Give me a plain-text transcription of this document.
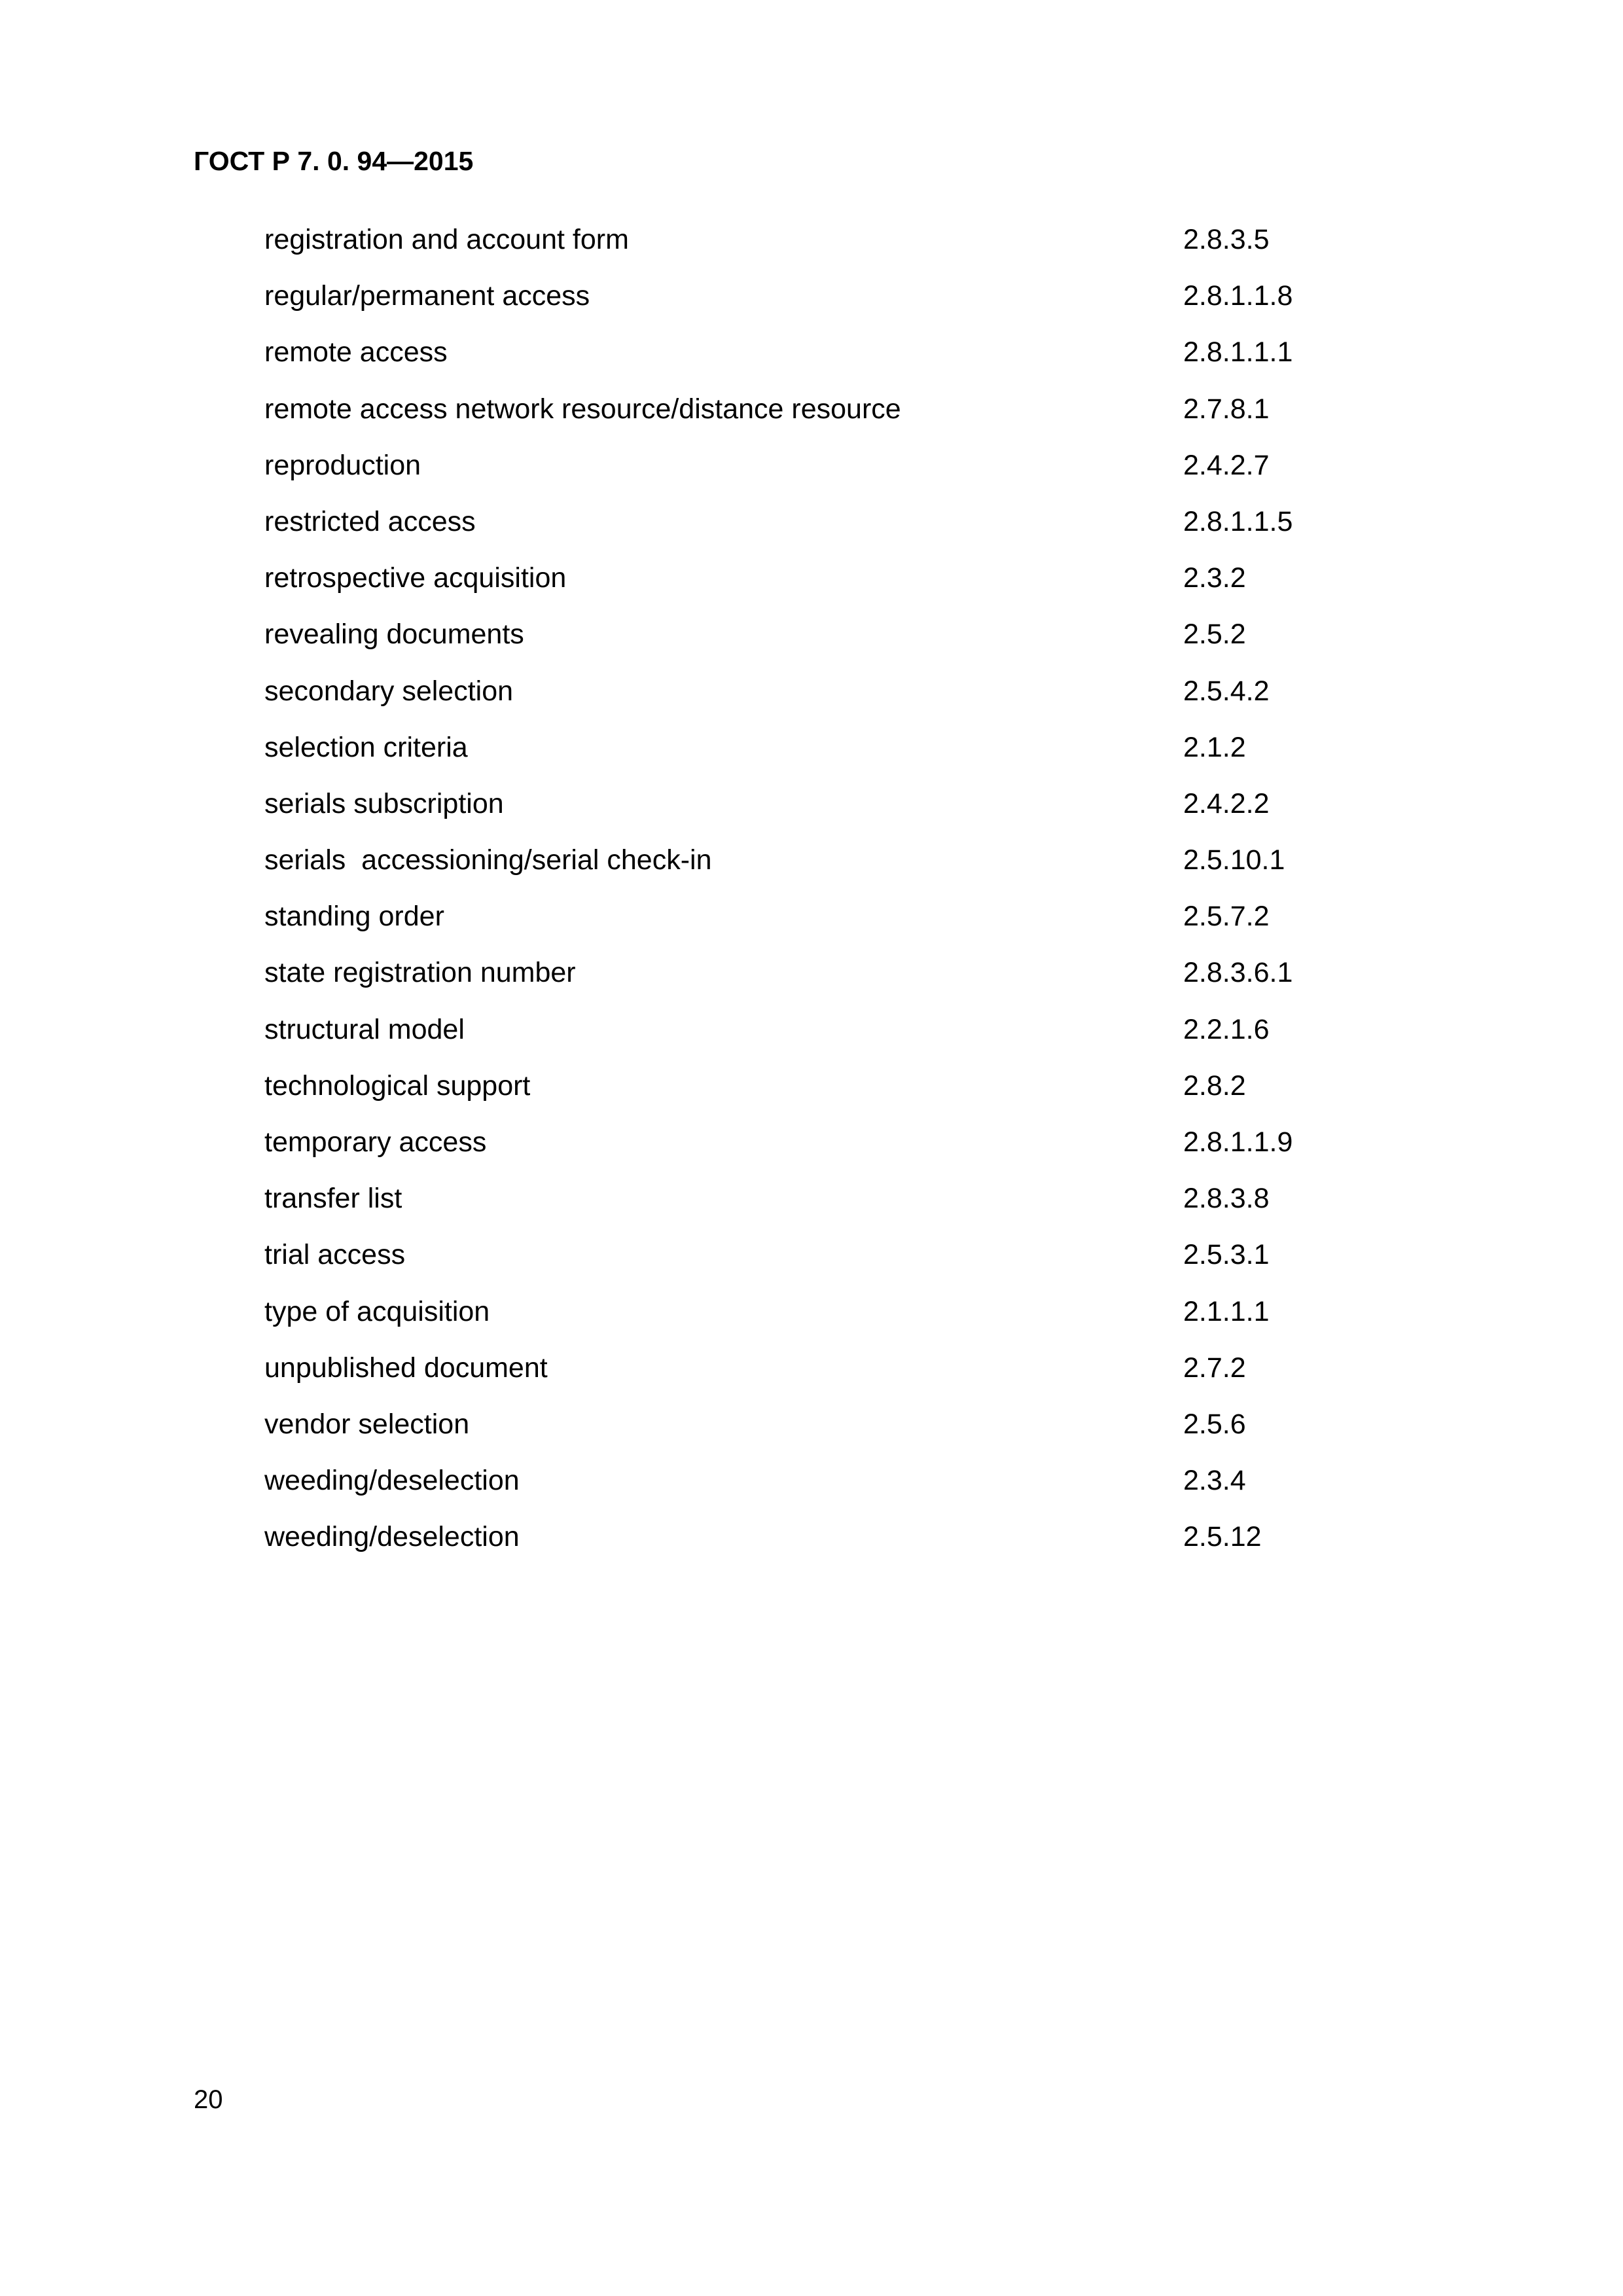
ГОСТ Р 7. 0. 94—2015
registration and account form	2.8.3.5
regular/permanent access	2.8.1.1.8
remote access	2.8.1.1.1
remote access network resource/distance resource	2.7.8.1
reproduction	2.4.2.7
restricted access	2.8.1.1.5
retrospective acquisition	2.3.2
revealing documents	2.5.2
secondary selection	2.5.4.2
selection criteria	2.1.2
serials subscription	2.4.2.2
serials  accessioning/serial check-in	2.5.10.1
standing order	2.5.7.2
state registration number	2.8.3.6.1
structural model	2.2.1.6
technological support	2.8.2
temporary access	2.8.1.1.9
transfer list	2.8.3.8
trial access	2.5.3.1
type of acquisition	2.1.1.1
unpublished document	2.7.2
vendor selection	2.5.6
weeding/deselection	2.3.4
weeding/deselection	2.5.12
20
